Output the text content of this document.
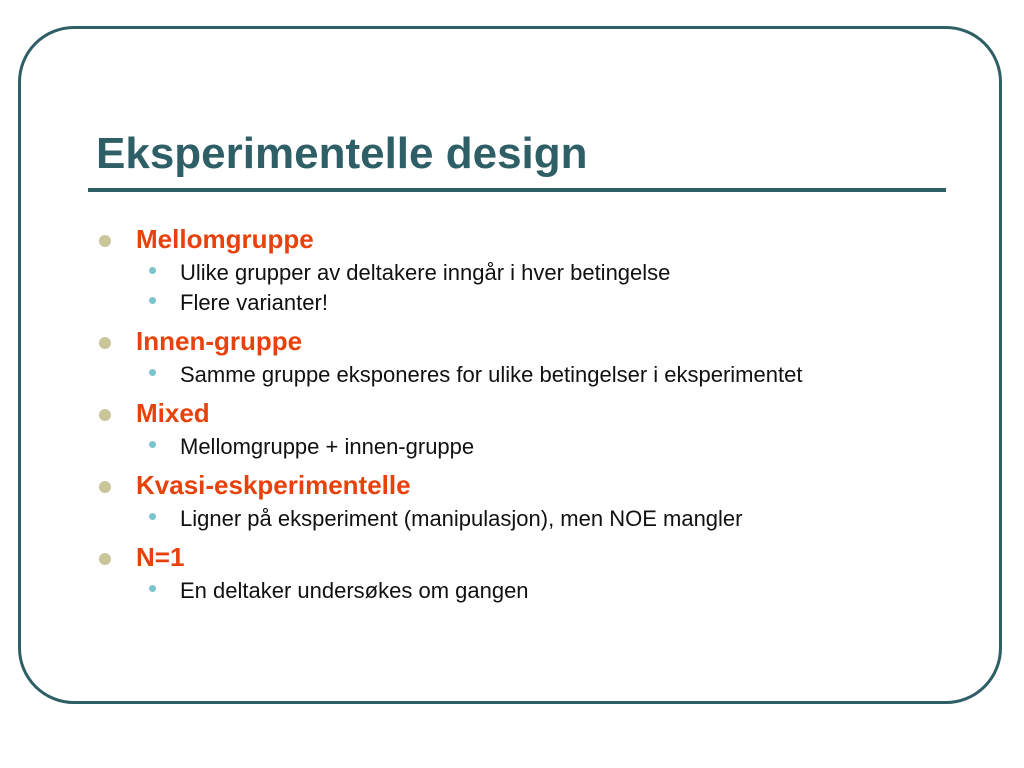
Eksperimentelle design
Mellomgruppe
• Ulike grupper av deltakere inngår i hver betingelse
• Flere varianter!
Innen-gruppe
• Samme gruppe eksponeres for ulike betingelser i eksperimentet
Mixed
• Mellomgruppe + innen-gruppe
Kvasi-eskperimentelle
• Ligner på eksperiment (manipulasjon), men NOE mangler
N=1
• En deltaker undersøkes om gangen
